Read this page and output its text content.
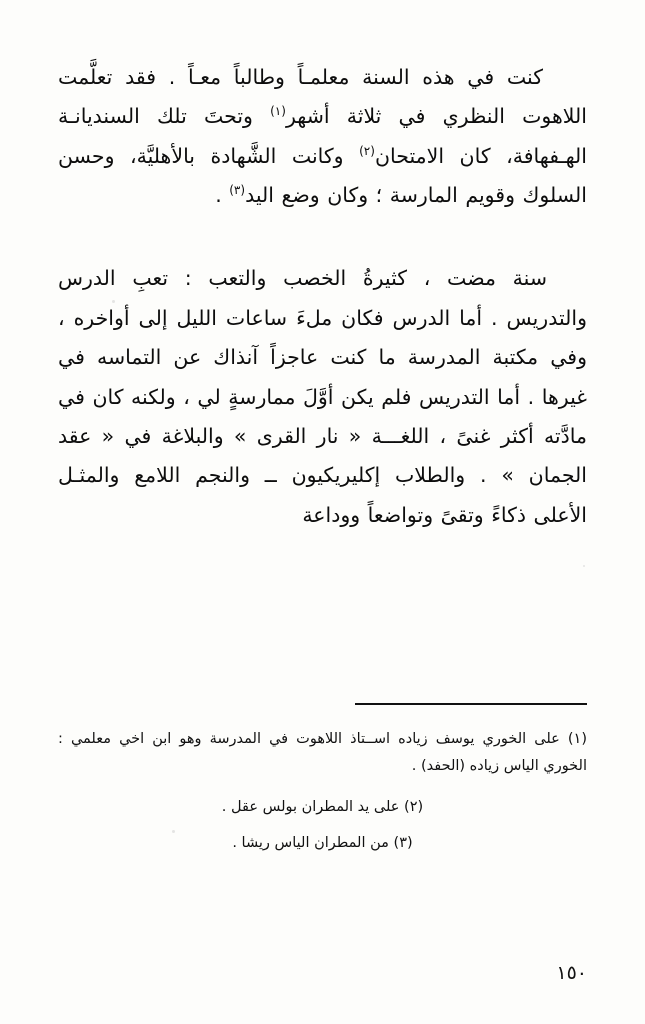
كنت في هذه السنة معلمـاً وطالباً معـاً . فقد تعلَّمت اللاهوت النظري في ثلاثة أشهر$^{(١)}$ وتحتَ تلك السنديانـة الهـفهافة، كان الامتحان$^{(٢)}$ وكانت الشَّهادة بالأهليَّة، وحسن السلوك وقويم المارسة ؛ وكان وضع اليد$^{(٣)}$ .

سنة مضت ، كثيرةُ الخصب والتعب : تعبِ الدرس والتدريس . أما الدرس فكان ملءَ ساعات الليل إلى أواخره ، وفي مكتبة المدرسة ما كنت عاجزاً آنذاك عن التماسه في غيرها . أما التدريس فلم يكن أوَّلَ ممارسةٍ لي ، ولكنه كان في مادَّته أكثر غنىً ، اللغـــة « نار القرى » والبلاغة في « عقد الجمان » . والطلاب إكليريكيون ــ والنجم اللامع والمثـل الأعلى ذكاءً وتقىً وتواضعاً ووداعة

(١) على الخوري يوسف زياده اســتاذ اللاهوت في المدرسة وهو ابن اخي معلمي : الخوري الياس زياده (الحفد) .

(٢) على يد المطران بولس عقل .

(٣) من المطران الياس ريشا .

١٥٠
